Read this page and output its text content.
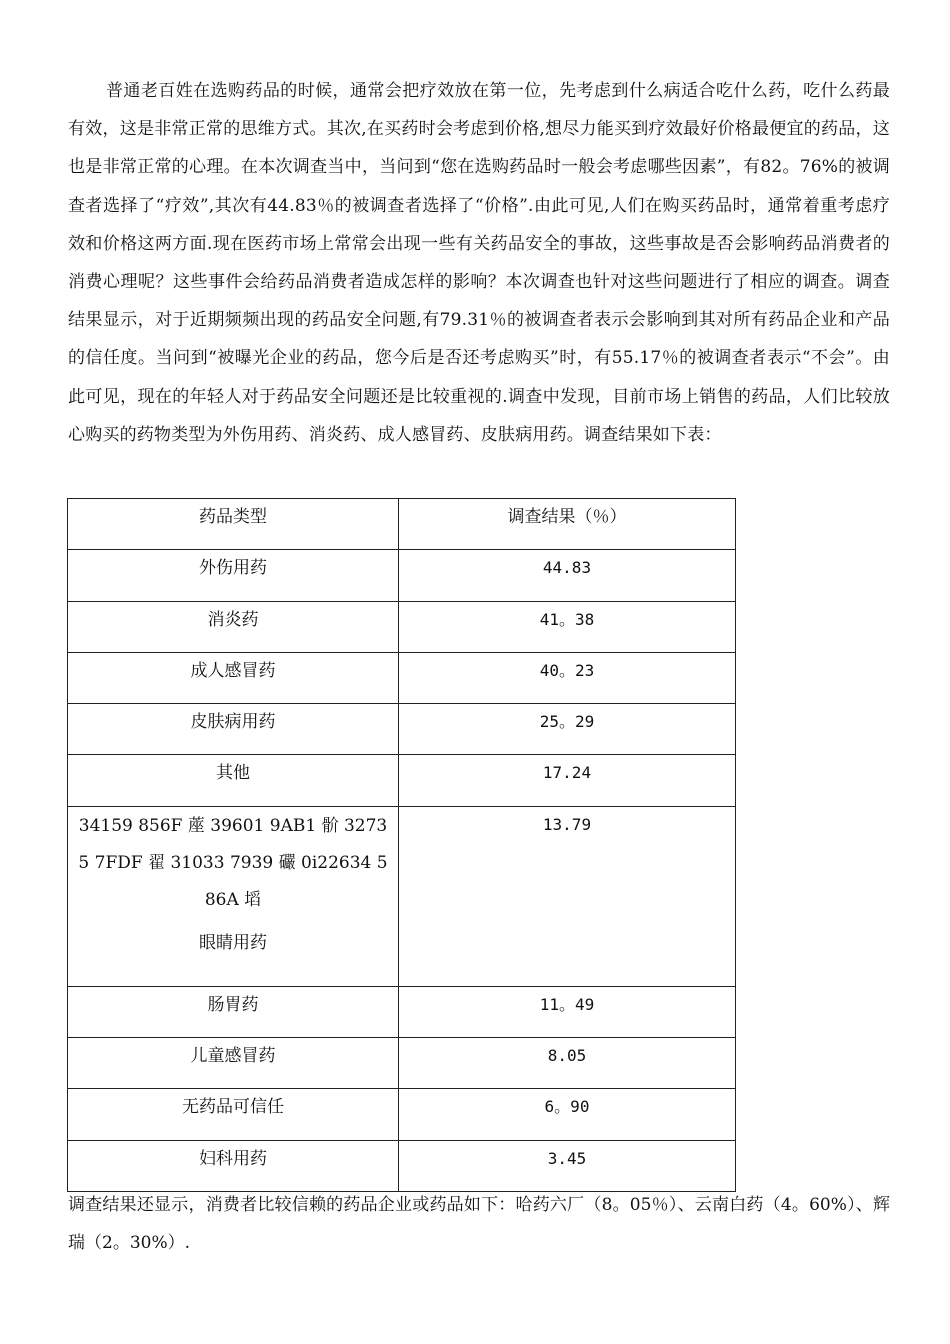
普通老百姓在选购药品的时候，通常会把疗效放在第一位，先考虑到什么病适合吃什么药，吃什么药最有效，这是非常正常的思维方式。其次,在买药时会考虑到价格,想尽力能买到疗效最好价格最便宜的药品，这也是非常正常的心理。在本次调查当中，当问到“您在选购药品时一般会考虑哪些因素”，有82。76%的被调查者选择了“疗效”,其次有44.83％的被调查者选择了“价格”.由此可见,人们在购买药品时，通常着重考虑疗效和价格这两方面.现在医药市场上常常会出现一些有关药品安全的事故，这些事故是否会影响药品消费者的消费心理呢？这些事件会给药品消费者造成怎样的影响？本次调查也针对这些问题进行了相应的调查。调查结果显示，对于近期频频出现的药品安全问题,有79.31％的被调查者表示会影响到其对所有药品企业和产品的信任度。当问到“被曝光企业的药品，您今后是否还考虑购买”时，有55.17％的被调查者表示“不会”。由此可见，现在的年轻人对于药品安全问题还是比较重视的.调查中发现，目前市场上销售的药品，人们比较放心购买的药物类型为外伤用药、消炎药、成人感冒药、皮肤病用药。调查结果如下表：

药品类型	调查结果（％）
外伤用药	44.83
消炎药	41。38
成人感冒药	40。23
皮肤病用药	25。29
其他	17.24

34159 856F 蓙 39601 9AB1 骱 32735 7FDF 翟 31033 7939 礹 0i22634 586A 塪
眼睛用药	13.79
肠胃药	11。49
儿童感冒药	8.05
无药品可信任	6。90
妇科用药	3.45

调查结果还显示，消费者比较信赖的药品企业或药品如下：哈药六厂（8。05％）、云南白药（4。60%）、辉瑞（2。30%）.
